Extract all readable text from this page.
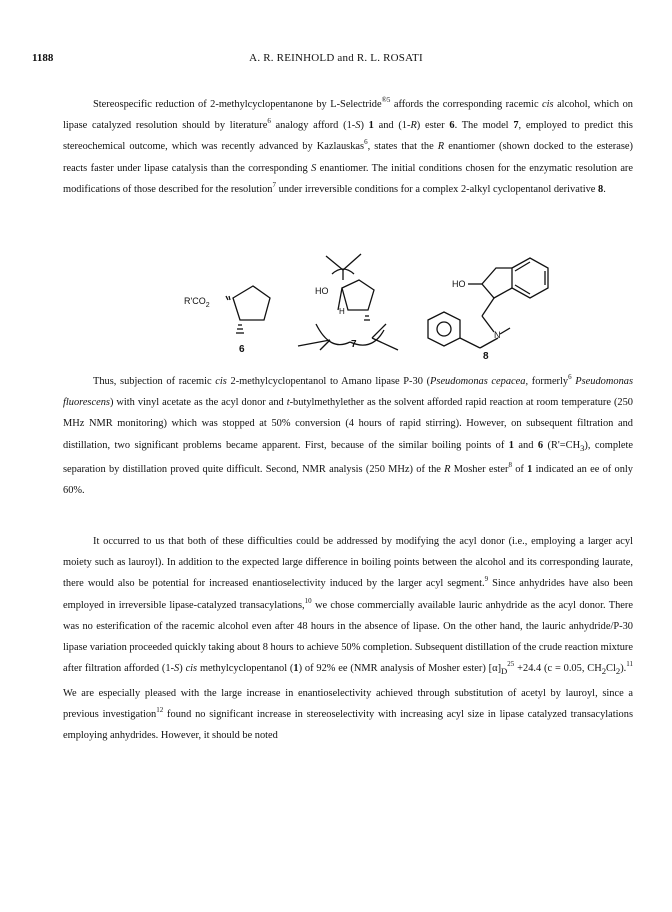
1188	A. R. REINHOLD and R. L. ROSATI

Stereospecific reduction of 2-methylcyclopentanone by L-Selectride$^{®5}$ affords the corresponding racemic cis alcohol, which on lipase catalyzed resolution should by literature$^6$ analogy afford (1-S) 1 and (1-R) ester 6. The model 7, employed to predict this stereochemical outcome, which was recently advanced by Kazlauskas$^6$, states that the R enantiomer (shown docked to the esterase) reacts faster under lipase catalysis than the corresponding S enantiomer. The initial conditions chosen for the enzymatic resolution are modifications of those described for the resolution$^7$ under irreversible conditions for a complex 2-alkyl cyclopentanol derivative 8.

$R'CO_2$
6
HO
H
7
HO
N
8

Thus, subjection of racemic cis 2-methylcyclopentanol to Amano lipase P-30 (Pseudomonas cepacea, formerly$^6$ Pseudomonas fluorescens) with vinyl acetate as the acyl donor and t-butylmethylether as the solvent afforded rapid reaction at room temperature (250 MHz NMR monitoring) which was stopped at 50% conversion (4 hours of rapid stirring). However, on subsequent filtration and distillation, two significant problems became apparent. First, because of the similar boiling points of 1 and 6 $(R'=CH_3)$, complete separation by distillation proved quite difficult. Second, NMR analysis (250 MHz) of the R Mosher ester$^8$ of 1 indicated an ee of only 60%.

It occurred to us that both of these difficulties could be addressed by modifying the acyl donor (i.e., employing a larger acyl moiety such as lauroyl). In addition to the expected large difference in boiling points between the alcohol and its corresponding laurate, there would also be potential for increased enantioselectivity induced by the larger acyl segment.$^9$ Since anhydrides have also been employed in irreversible lipase-catalyzed transacylations,$^{10}$ we chose commercially available lauric anhydride as the acyl donor. There was no esterification of the racemic alcohol even after 48 hours in the absence of lipase. On the other hand, the lauric anhydride/P-30 lipase variation proceeded quickly taking about 8 hours to achieve 50% completion. Subsequent distillation of the crude reaction mixture after filtration afforded (1-S) cis methylcyclopentanol (1) of 92% ee (NMR analysis of Mosher ester) $[\alpha]_D^{25} +24.4$ (c = 0.05, $CH_2Cl_2).^{11}$ We are especially pleased with the large increase in enantioselectivity achieved through substitution of acetyl by lauroyl, since a previous investigation$^{12}$ found no significant increase in stereoselectivity with increasing acyl size in lipase catalyzed transacylations employing anhydrides. However, it should be noted
